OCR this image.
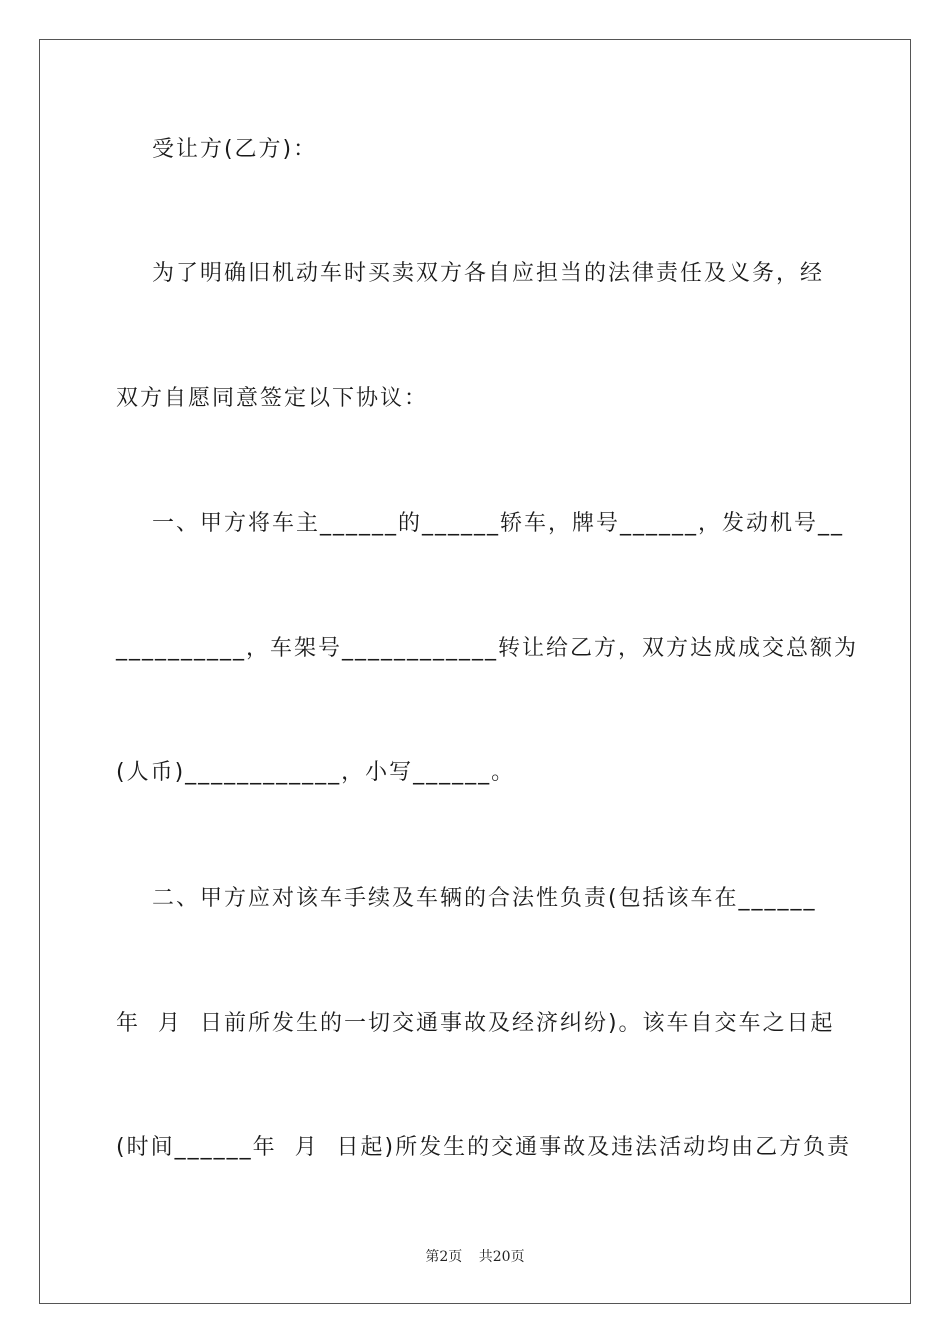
受让方(乙方)：
为了明确旧机动车时买卖双方各自应担当的法律责任及义务，经
双方自愿同意签定以下协议：
一、甲方将车主______的______轿车，牌号______，发动机号__
__________，车架号____________转让给乙方，双方达成成交总额为
(人币)____________，小写______。
二、甲方应对该车手续及车辆的合法性负责(包括该车在______
年  月  日前所发生的一切交通事故及经济纠纷)。该车自交车之日起
(时间______年  月  日起)所发生的交通事故及违法活动均由乙方负责
第2页 共20页
